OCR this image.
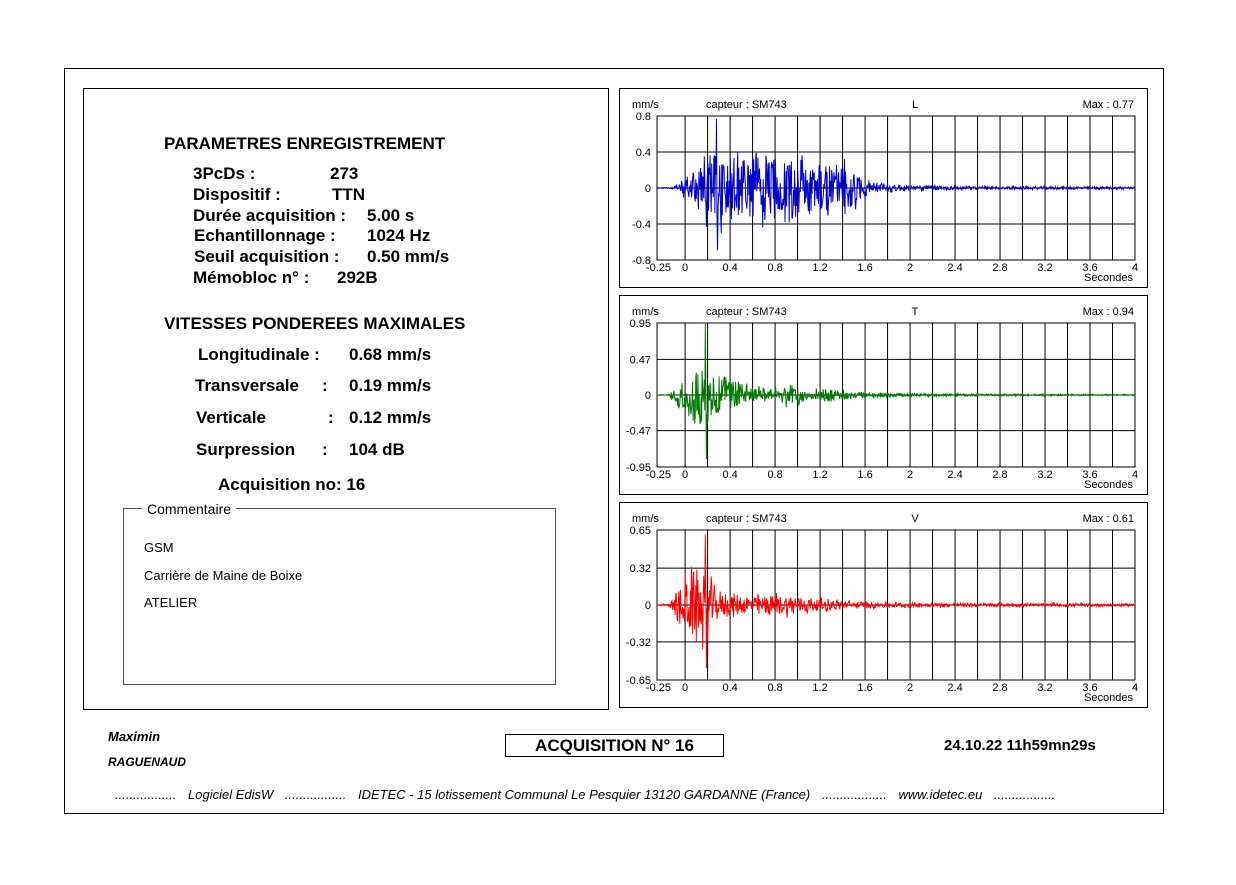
PARAMETRES ENREGISTREMENT
3PcDs :	273
Dispositif :	TTN
Durée acquisition : 5.00 s
Echantillonnage : 1024 Hz
Seuil acquisition : 0.50 mm/s
Mémobloc n° : 292B
VITESSES PONDEREES MAXIMALES
Longitudinale : 0.68 mm/s
Transversale : 0.19 mm/s
Verticale	: 0.12 mm/s
Surpression : 104 dB
Acquisition no: 16
Commentaire
GSM
Carrière de Maine de Boixe
ATELIER
mm/s	capteur : SM743	L	Max : 0.77
0.8
0.4
0
-0.4
-0.8
-0.25 0	0.4	0.8	1.2	1.6	2	2.4	2.8	3.2	3.6	4
Secondes
mm/s	capteur : SM743	T	Max : 0.94
0.95
0.47
0
-0.47
-0.95
-0.25 0	0.4	0.8	1.2	1.6	2	2.4	2.8	3.2	3.6	4
Secondes
mm/s	capteur : SM743	V	Max : 0.61
0.65
0.32
0
-0.32
-0.65
-0.25 0	0.4	0.8	1.2	1.6	2	2.4	2.8	3.2	3.6	4
Secondes
Maximin
RAGUENAUD
ACQUISITION N° 16	24.10.22 11h59mn29s
................. Logiciel EdisW ................. IDETEC - 15 lotissement Communal Le Pesquier 13120 GARDANNE (France) .................. www.idetec.eu .................
